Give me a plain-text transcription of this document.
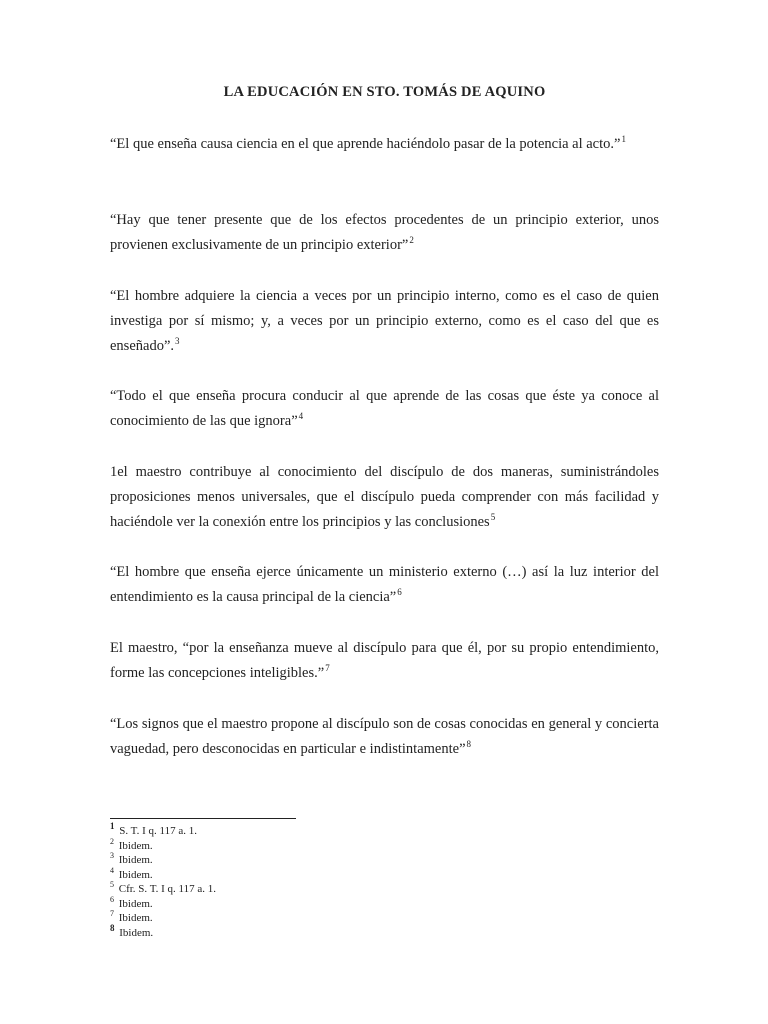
LA EDUCACIÓN EN STO. TOMÁS DE AQUINO

“El que enseña causa ciencia en el que aprende haciéndolo pasar de la potencia al acto.”$^1$

“Hay que tener presente que de los efectos procedentes de un principio exterior, unos provienen exclusivamente de un principio exterior”$^2$

“El hombre adquiere la ciencia a veces por un principio interno, como es el caso de quien investiga por sí mismo; y, a veces por un principio externo, como es el caso del que es enseñado”.$^3$

“Todo el que enseña procura conducir al que aprende de las cosas que éste ya conoce al conocimiento de las que ignora”$^4$

1el maestro contribuye al conocimiento del discípulo de dos maneras, suministrándoles proposiciones menos universales, que el discípulo pueda comprender con más facilidad y haciéndole ver la conexión entre los principios y las conclusiones$^5$

“El hombre que enseña ejerce únicamente un ministerio externo (…) así la luz interior del entendimiento es la causa principal de la ciencia”$^6$

El maestro, “por la enseñanza mueve al discípulo para que él, por su propio entendimiento, forme las concepciones inteligibles.”$^7$

“Los signos que el maestro propone al discípulo son de cosas conocidas en general y concierta vaguedad, pero desconocidas en particular e indistintamente”$^8$

$^1$ S. T. I q. 117 a. 1.
$^2$ Ibidem.
$^3$ Ibidem.
$^4$ Ibidem.
$^5$ Cfr. S. T. I q. 117 a. 1.
$^6$ Ibidem.
$^7$ Ibidem.
$^8$ Ibidem.
